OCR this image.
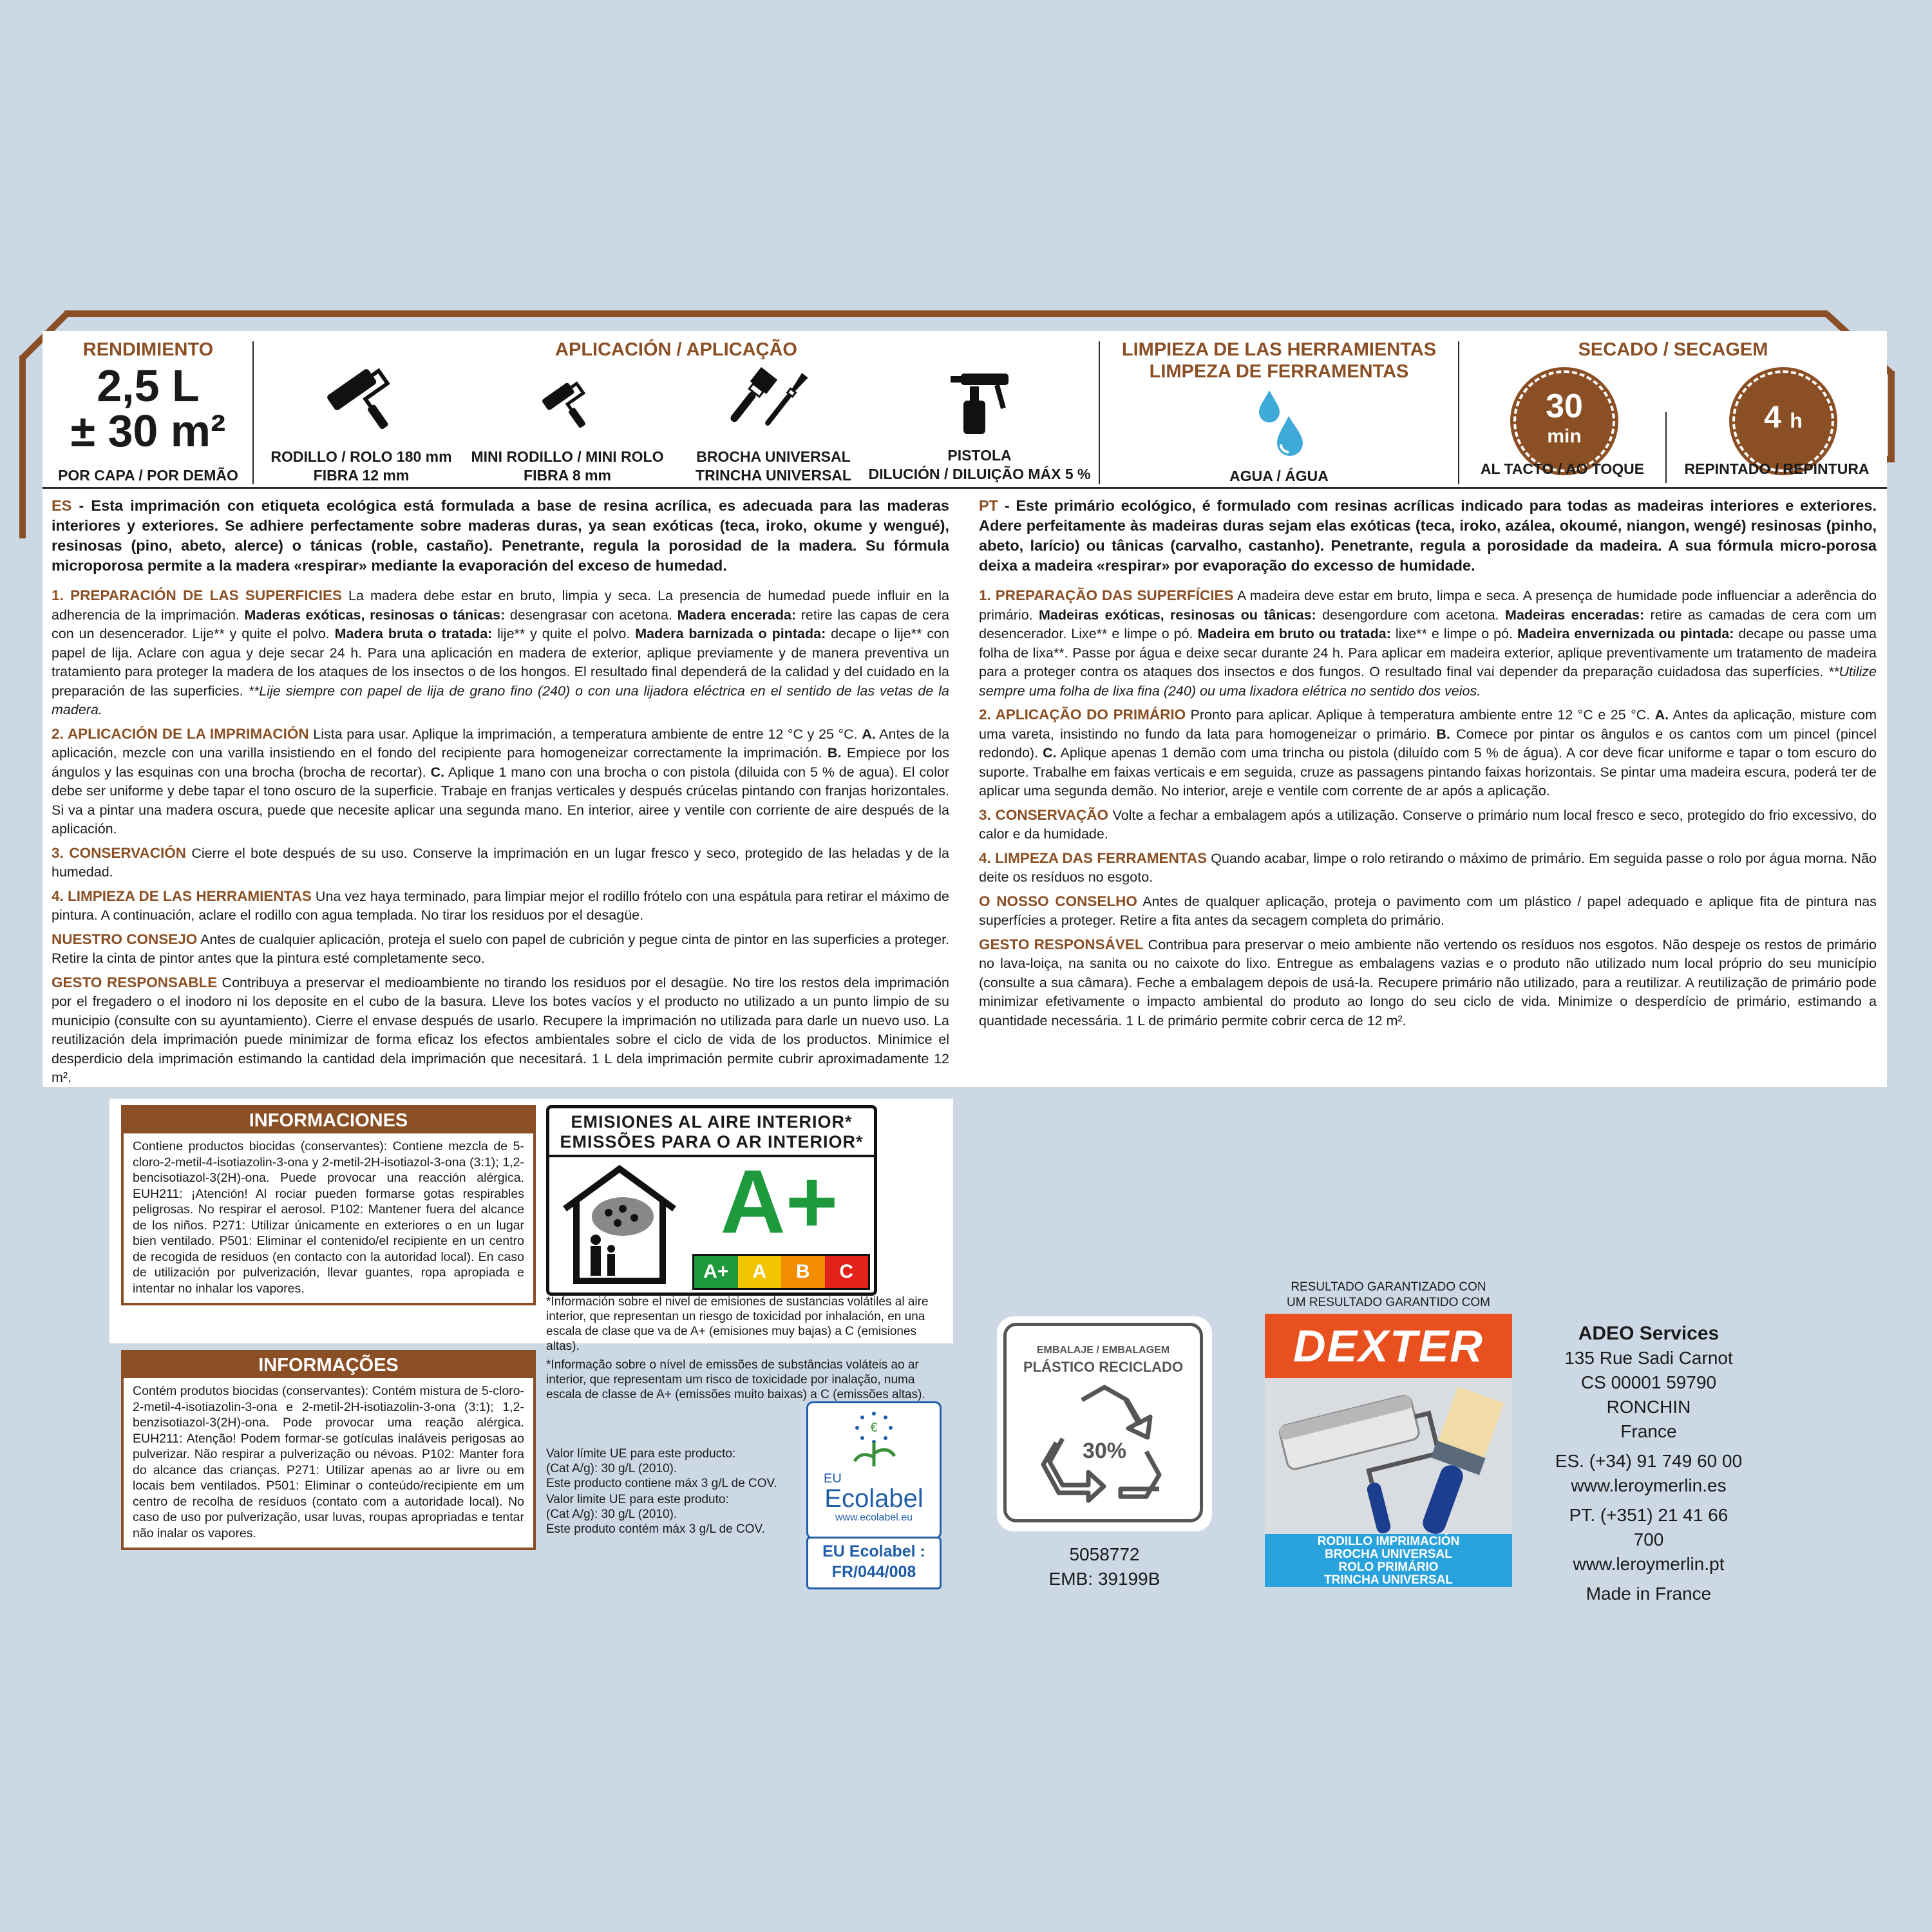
RENDIMIENTO
2,5 L
± 30 m²
POR CAPA / POR DEMÃO
APLICACIÓN / APLICAÇÃO
RODILLO / ROLO 180 mm
FIBRA 12 mm
MINI RODILLO / MINI ROLO
FIBRA 8 mm
BROCHA UNIVERSAL
TRINCHA UNIVERSAL
PISTOLA
DILUCIÓN / DILUIÇÃO MÁX 5 %
LIMPIEZA DE LAS HERRAMIENTAS
LIMPEZA DE FERRAMENTAS
AGUA / ÁGUA
SECADO / SECAGEM
30
min
AL TACTO / AO TOQUE
4 h
REPINTADO / REPINTURA

ES - Esta imprimación con etiqueta ecológica está formulada a base de resina acrílica, es adecuada para las maderas interiores y exteriores. Se adhiere perfectamente sobre maderas duras, ya sean exóticas (teca, iroko, okume y wengué), resinosas (pino, abeto, alerce) o tánicas (roble, castaño). Penetrante, regula la porosidad de la madera. Su fórmula microporosa permite a la madera «respirar» mediante la evaporación del exceso de humedad.

1. PREPARACIÓN DE LAS SUPERFICIES La madera debe estar en bruto, limpia y seca. La presencia de humedad puede influir en la adherencia de la imprimación. Maderas exóticas, resinosas o tánicas: desengrasar con acetona. Madera encerada: retire las capas de cera con un desencerador. Lije** y quite el polvo. Madera bruta o tratada: lije** y quite el polvo. Madera barnizada o pintada: decape o lije** con papel de lija. Aclare con agua y deje secar 24 h. Para una aplicación en madera de exterior, aplique previamente y de manera preventiva un tratamiento para proteger la madera de los ataques de los insectos o de los hongos. El resultado final dependerá de la calidad y del cuidado en la preparación de las superficies. **Lije siempre con papel de lija de grano fino (240) o con una lijadora eléctrica en el sentido de las vetas de la madera.

2. APLICACIÓN DE LA IMPRIMACIÓN Lista para usar. Aplique la imprimación, a temperatura ambiente de entre 12 °C y 25 °C. A. Antes de la aplicación, mezcle con una varilla insistiendo en el fondo del recipiente para homogeneizar correctamente la imprimación. B. Empiece por los ángulos y las esquinas con una brocha (brocha de recortar). C. Aplique 1 mano con una brocha o con pistola (diluida con 5 % de agua). El color debe ser uniforme y debe tapar el tono oscuro de la superficie. Trabaje en franjas verticales y después crúcelas pintando con franjas horizontales. Si va a pintar una madera oscura, puede que necesite aplicar una segunda mano. En interior, airee y ventile con corriente de aire después de la aplicación.

3. CONSERVACIÓN Cierre el bote después de su uso. Conserve la imprimación en un lugar fresco y seco, protegido de las heladas y de la humedad.

4. LIMPIEZA DE LAS HERRAMIENTAS Una vez haya terminado, para limpiar mejor el rodillo frótelo con una espátula para retirar el máximo de pintura. A continuación, aclare el rodillo con agua templada. No tirar los residuos por el desagüe.

NUESTRO CONSEJO Antes de cualquier aplicación, proteja el suelo con papel de cubrición y pegue cinta de pintor en las superficies a proteger. Retire la cinta de pintor antes que la pintura esté completamente seco.

GESTO RESPONSABLE Contribuya a preservar el medioambiente no tirando los residuos por el desagüe. No tire los restos dela imprimación por el fregadero o el inodoro ni los deposite en el cubo de la basura. Lleve los botes vacíos y el producto no utilizado a un punto limpio de su municipio (consulte con su ayuntamiento). Cierre el envase después de usarlo. Recupere la imprimación no utilizada para darle un nuevo uso. La reutilización dela imprimación puede minimizar de forma eficaz los efectos ambientales sobre el ciclo de vida de los productos. Minimice el desperdicio dela imprimación estimando la cantidad dela imprimación que necesitará. 1 L dela imprimación permite cubrir aproximadamente 12 m².

PT - Este primário ecológico, é formulado com resinas acrílicas indicado para todas as madeiras interiores e exteriores. Adere perfeitamente às madeiras duras sejam elas exóticas (teca, iroko, azálea, okoumé, niangon, wengé) resinosas (pinho, abeto, larício) ou tânicas (carvalho, castanho). Penetrante, regula a porosidade da madeira. A sua fórmula micro-porosa deixa a madeira «respirar» por evaporação do excesso de humidade.

1. PREPARAÇÃO DAS SUPERFÍCIES A madeira deve estar em bruto, limpa e seca. A presença de humidade pode influenciar a aderência do primário. Madeiras exóticas, resinosas ou tânicas: desengordure com acetona. Madeiras enceradas: retire as camadas de cera com um desencerador. Lixe** e limpe o pó. Madeira em bruto ou tratada: lixe** e limpe o pó. Madeira envernizada ou pintada: decape ou passe uma folha de lixa**. Passe por água e deixe secar durante 24 h. Para aplicar em madeira exterior, aplique preventivamente um tratamento de madeira para a proteger contra os ataques dos insectos e dos fungos. O resultado final vai depender da preparação cuidadosa das superfícies. **Utilize sempre uma folha de lixa fina (240) ou uma lixadora elétrica no sentido dos veios.

2. APLICAÇÃO DO PRIMÁRIO Pronto para aplicar. Aplique à temperatura ambiente entre 12 °C e 25 °C. A. Antes da aplicação, misture com uma vareta, insistindo no fundo da lata para homogeneizar o primário. B. Comece por pintar os ângulos e os cantos com um pincel (pincel redondo). C. Aplique apenas 1 demão com uma trincha ou pistola (diluído com 5 % de água). A cor deve ficar uniforme e tapar o tom escuro do suporte. Trabalhe em faixas verticais e em seguida, cruze as passagens pintando faixas horizontais. Se pintar uma madeira escura, poderá ter de aplicar uma segunda demão. No interior, areje e ventile com corrente de ar após a aplicação.

3. CONSERVAÇÃO Volte a fechar a embalagem após a utilização. Conserve o primário num local fresco e seco, protegido do frio excessivo, do calor e da humidade.

4. LIMPEZA DAS FERRAMENTAS Quando acabar, limpe o rolo retirando o máximo de primário. Em seguida passe o rolo por água morna. Não deite os resíduos no esgoto.

O NOSSO CONSELHO Antes de qualquer aplicação, proteja o pavimento com um plástico / papel adequado e aplique fita de pintura nas superfícies a proteger. Retire a fita antes da secagem completa do primário.

GESTO RESPONSÁVEL Contribua para preservar o meio ambiente não vertendo os resíduos nos esgotos. Não despeje os restos de primário no lava-loiça, na sanita ou no caixote do lixo. Entregue as embalagens vazias e o produto não utilizado num local próprio do seu município (consulte a sua câmara). Feche a embalagem depois de usá-la. Recupere primário não utilizado, para a reutilizar. A reutilização de primário pode minimizar efetivamente o impacto ambiental do produto ao longo do seu ciclo de vida. Minimize o desperdício de primário, estimando a quantidade necessária. 1 L de primário permite cobrir cerca de 12 m².

INFORMACIONES
Contiene productos biocidas (conservantes): Contiene mezcla de 5-cloro-2-metil-4-isotiazolin-3-ona y 2-metil-2H-isotiazol-3-ona (3:1); 1,2-bencisotiazol-3(2H)-ona. Puede provocar una reacción alérgica. EUH211: ¡Atención! Al rociar pueden formarse gotas respirables peligrosas. No respirar el aerosol. P102: Mantener fuera del alcance de los niños. P271: Utilizar únicamente en exteriores o en un lugar bien ventilado. P501: Eliminar el contenido/el recipiente en un centro de recogida de residuos (en contacto con la autoridad local). En caso de utilización por pulverización, llevar guantes, ropa apropiada e intentar no inhalar los vapores.
INFORMAÇÕES
Contém produtos biocidas (conservantes): Contém mistura de 5-cloro-2-metil-4-isotiazolin-3-ona e 2-metil-2H-isotiazolin-3-ona (3:1); 1,2-benzisotiazol-3(2H)-ona. Pode provocar uma reação alérgica. EUH211: Atenção! Podem formar-se gotículas inaláveis perigosas ao pulverizar. Não respirar a pulverização ou névoas. P102: Manter fora do alcance das crianças. P271: Utilizar apenas ao ar livre ou em locais bem ventilados. P501: Eliminar o conteúdo/recipiente em um centro de recolha de resíduos (contato com a autoridade local). No caso de uso por pulverização, usar luvas, roupas apropriadas e tentar não inalar os vapores.
EMISIONES AL AIRE INTERIOR*
EMISSÕES PARA O AR INTERIOR*
A+
A+	A	B	C
*Información sobre el nivel de emisiones de sustancias volátiles al aire interior, que representan un riesgo de toxicidad por inhalación, en una escala de clase que va de A+ (emisiones muy bajas) a C (emisiones altas).
*Informação sobre o nível de emissões de substâncias voláteis ao ar interior, que representam um risco de toxicidade por inalação, numa escala de classe de A+ (emissões muito baixas) a C (emissões altas).
Valor límite UE para este producto:
(Cat A/g): 30 g/L (2010).
Este producto contiene máx 3 g/L de COV.
Valor limite UE para este produto:
(Cat A/g): 30 g/L (2010).
Este produto contém máx 3 g/L de COV.
€
EU
Ecolabel
www.ecolabel.eu
EU Ecolabel :
FR/044/008
EMBALAJE / EMBALAGEM
PLÁSTICO RECICLADO
30%
5058772
EMB: 39199B
RESULTADO GARANTIZADO CON
UM RESULTADO GARANTIDO COM
DEXTER
RODILLO IMPRIMACIÓN
BROCHA UNIVERSAL
ROLO PRIMÁRIO
TRINCHA UNIVERSAL
ADEO Services
135 Rue Sadi Carnot
CS 00001 59790 RONCHIN
France
ES. (+34) 91 749 60 00
www.leroymerlin.es
PT. (+351) 21 41 66 700
www.leroymerlin.pt
Made in France
